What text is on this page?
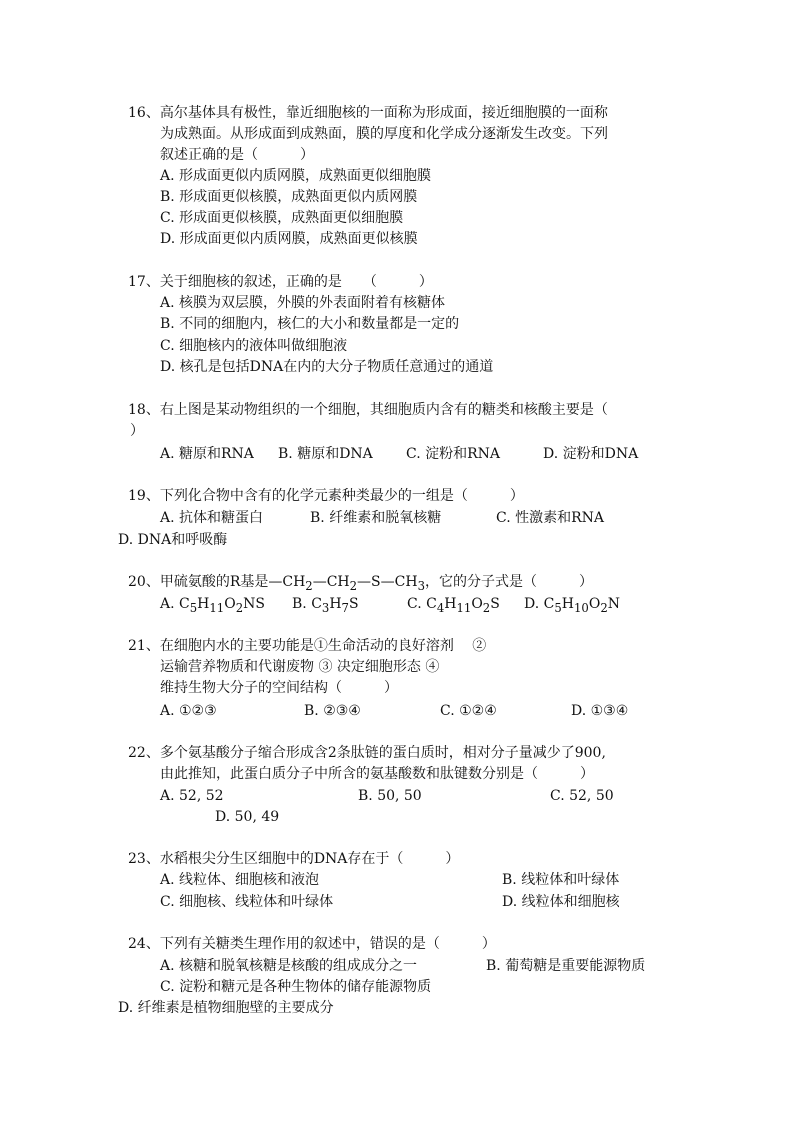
16、高尔基体具有极性，靠近细胞核的一面称为形成面，接近细胞膜的一面称
为成熟面。从形成面到成熟面，膜的厚度和化学成分逐渐发生改变。下列
叙述正确的是（　　　）
A. 形成面更似内质网膜，成熟面更似细胞膜
B. 形成面更似核膜，成熟面更似内质网膜
C. 形成面更似核膜，成熟面更似细胞膜
D. 形成面更似内质网膜，成熟面更似核膜
17、关于细胞核的叙述，正确的是　　（　　　）
A. 核膜为双层膜，外膜的外表面附着有核糖体
B. 不同的细胞内，核仁的大小和数量都是一定的
C. 细胞核内的液体叫做细胞液
D. 核孔是包括DNA在内的大分子物质任意通过的通道
18、右上图是某动物组织的一个细胞，其细胞质内含有的糖类和核酸主要是（
）
A. 糖原和RNA B. 糖原和DNA C. 淀粉和RNA	D. 淀粉和DNA
19、下列化合物中含有的化学元素种类最少的一组是（　　　）
A. 抗体和糖蛋白	B. 纤维素和脱氧核糖	C. 性激素和RNA
D. DNA和呼吸酶
20、甲硫氨酸的R基是$—CH_2—CH_2—S—CH_3$，它的分子式是（　　　）
A. $C_5H_{11}O_2NS$ B. $C_3H_7S$	C. $C_4H_{11}O_2S$ D. $C_5H_{10}O_2N$
21、在细胞内水的主要功能是①生命活动的良好溶剂　 ②
运输营养物质和代谢废物 ③ 决定细胞形态 ④
维持生物大分子的空间结构（　　　）
A. ①②③	B. ②③④	C. ①②④	D. ①③④
22、多个氨基酸分子缩合形成含2条肽链的蛋白质时，相对分子量减少了900,
由此推知，此蛋白质分子中所含的氨基酸数和肽键数分别是（　　　）
A. 52, 52	B. 50, 50	C. 52, 50
D. 50, 49
23、水稻根尖分生区细胞中的DNA存在于（　　　）
A. 线粒体、细胞核和液泡	B. 线粒体和叶绿体
C. 细胞核、线粒体和叶绿体	D. 线粒体和细胞核
24、下列有关糖类生理作用的叙述中，错误的是（　　　）
A. 核糖和脱氧核糖是核酸的组成成分之一	B. 葡萄糖是重要能源物质
C. 淀粉和糖元是各种生物体的储存能源物质
D. 纤维素是植物细胞壁的主要成分
